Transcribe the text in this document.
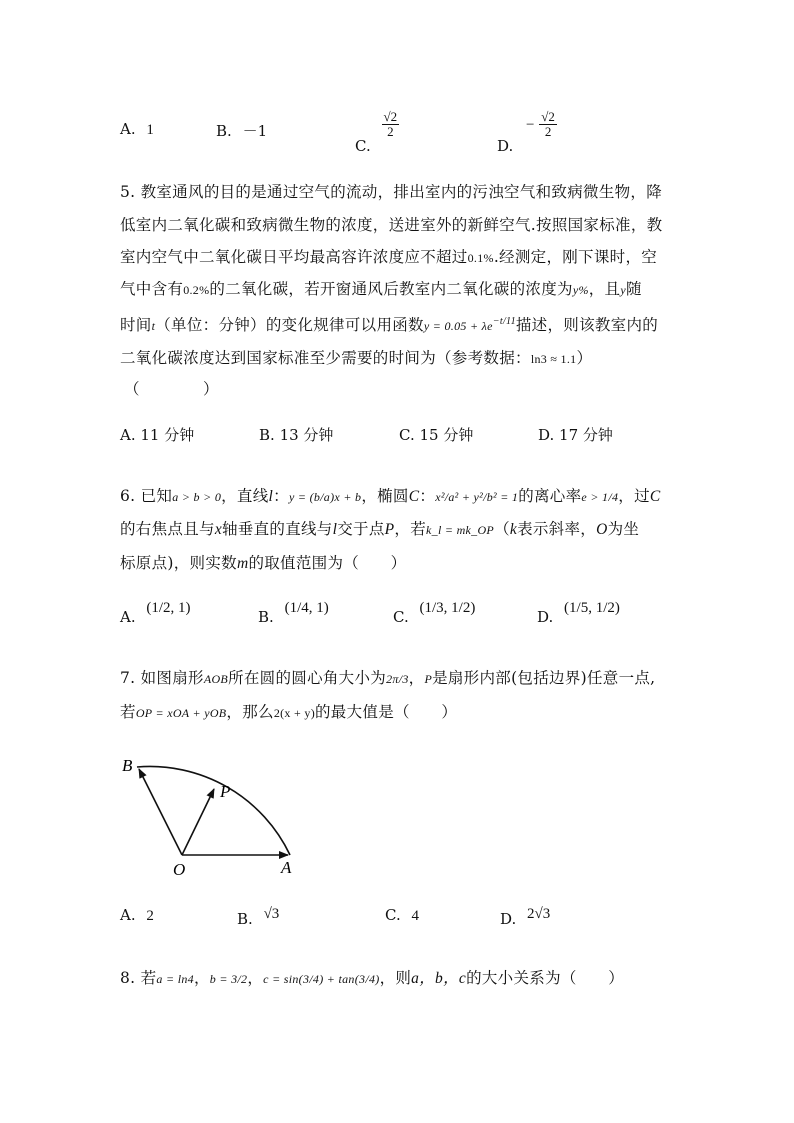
A. 1	B. －1
C.
$\frac{√2}{2}$
D. − $\frac{√2}{2}$
5. 教室通风的目的是通过空气的流动，排出室内的污浊空气和致病微生物，降
低室内二氧化碳和致病微生物的浓度，送进室外的新鲜空气.按照国家标准，教
室内空气中二氧化碳日平均最高容许浓度应不超过0.1%.经测定，刚下课时，空
气中含有0.2%的二氧化碳，若开窗通风后教室内二氧化碳的浓度为y%，且y随
时间t（单位：分钟）的变化规律可以用函数$y = 0.05 + \lambda e^{-t/11}$描述，则该教室内的
二氧化碳浓度达到国家标准至少需要的时间为（参考数据：ln3 ≈ 1.1）
（　　　　）
A. 11 分钟	B. 13 分钟	C. 15 分钟	D. 17 分钟
6. 已知a > b > 0，直线l：y = (b/a)x + b，椭圆C：x²/a² + y²/b² = 1的离心率e > 1/4，过C
的右焦点且与x轴垂直的直线与l交于点P，若k_l = mk_OP（k表示斜率，O为坐
标原点)，则实数m的取值范围为（　　）
A. (1/2, 1)	B. (1/4, 1)	C. (1/3, 1/2)	D. (1/5, 1/2)
7. 如图扇形AOB所在圆的圆心角大小为2π/3，P是扇形内部(包括边界)任意一点,
若OP = xOA + yOB，那么2(x + y)的最大值是（　　）
B
P
O	A
A. 2	B. √3	C. 4	D. 2√3
8. 若a = ln4，b = 3/2，c = sin(3/4) + tan(3/4)，则a，b，c的大小关系为（　　）
